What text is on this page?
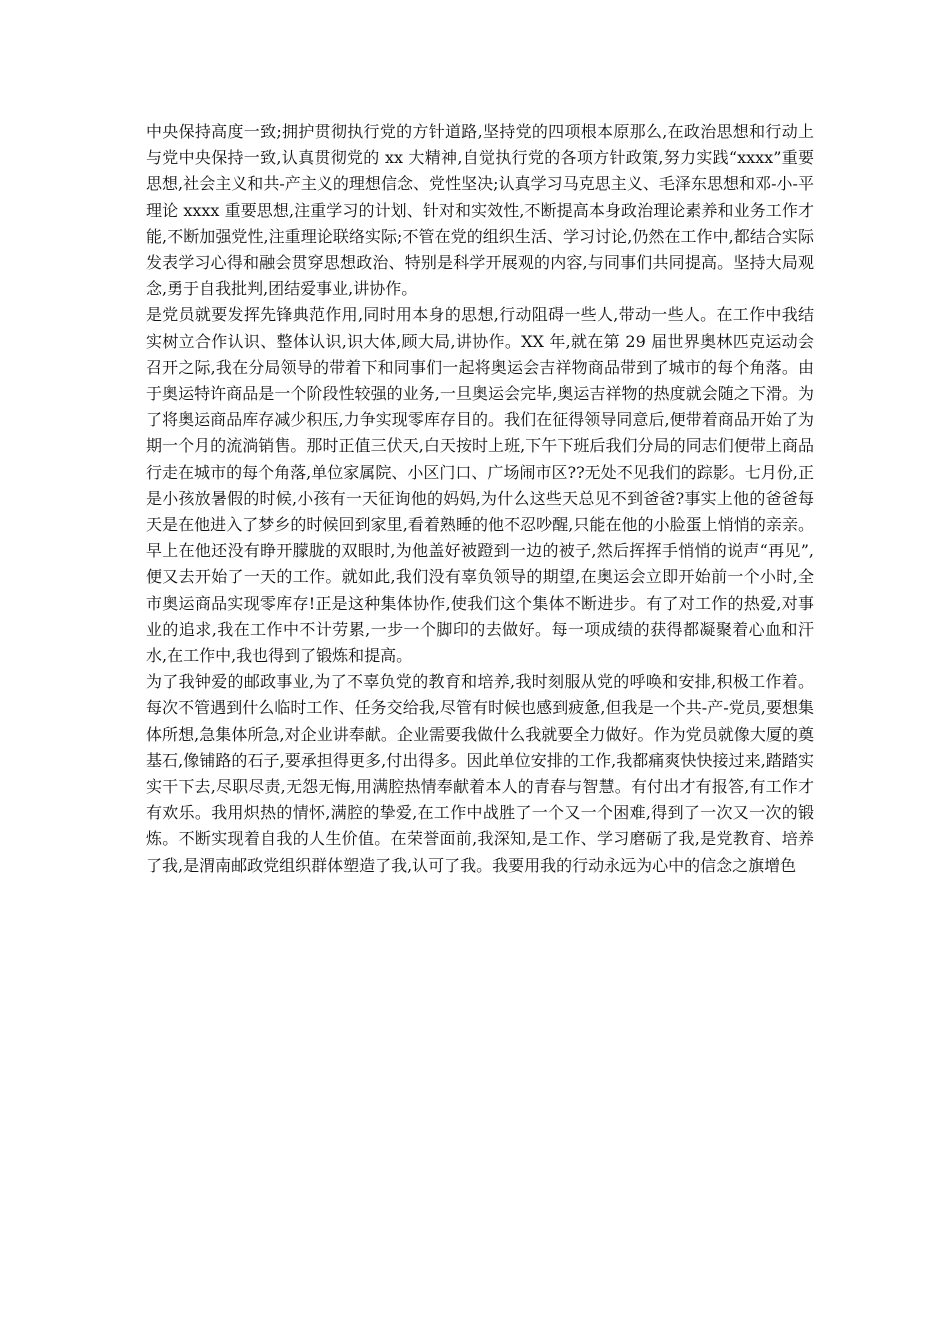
中央保持高度一致;拥护贯彻执行党的方针道路,坚持党的四项根本原那么,在政治思想和行动上与党中央保持一致,认真贯彻党的 xx 大精神,自觉执行党的各项方针政策,努力实践“xxxx”重要思想,社会主义和共-产主义的理想信念、党性坚决;认真学习马克思主义、毛泽东思想和邓-小-平理论 xxxx 重要思想,注重学习的计划、针对和实效性,不断提高本身政治理论素养和业务工作才能,不断加强党性,注重理论联络实际;不管在党的组织生活、学习讨论,仍然在工作中,都结合实际发表学习心得和融会贯穿思想政治、特别是科学开展观的内容,与同事们共同提高。坚持大局观念,勇于自我批判,团结爱事业,讲协作。

是党员就要发挥先锋典范作用,同时用本身的思想,行动阻碍一些人,带动一些人。在工作中我结实树立合作认识、整体认识,识大体,顾大局,讲协作。XX 年,就在第 29 届世界奥林匹克运动会召开之际,我在分局领导的带着下和同事们一起将奥运会吉祥物商品带到了城市的每个角落。由于奥运特许商品是一个阶段性较强的业务,一旦奥运会完毕,奥运吉祥物的热度就会随之下滑。为了将奥运商品库存减少积压,力争实现零库存目的。我们在征得领导同意后,便带着商品开始了为期一个月的流淌销售。那时正值三伏天,白天按时上班,下午下班后我们分局的同志们便带上商品行走在城市的每个角落,单位家属院、小区门口、广场闹市区??无处不见我们的踪影。七月份,正是小孩放暑假的时候,小孩有一天征询他的妈妈,为什么这些天总见不到爸爸?事实上他的爸爸每天是在他进入了梦乡的时候回到家里,看着熟睡的他不忍吵醒,只能在他的小脸蛋上悄悄的亲亲。早上在他还没有睁开朦胧的双眼时,为他盖好被蹬到一边的被子,然后挥挥手悄悄的说声“再见”,便又去开始了一天的工作。就如此,我们没有辜负领导的期望,在奥运会立即开始前一个小时,全市奥运商品实现零库存!正是这种集体协作,使我们这个集体不断进步。有了对工作的热爱,对事业的追求,我在工作中不计劳累,一步一个脚印的去做好。每一项成绩的获得都凝聚着心血和汗水,在工作中,我也得到了锻炼和提高。

为了我钟爱的邮政事业,为了不辜负党的教育和培养,我时刻服从党的呼唤和安排,积极工作着。每次不管遇到什么临时工作、任务交给我,尽管有时候也感到疲惫,但我是一个共-产-党员,要想集体所想,急集体所急,对企业讲奉献。企业需要我做什么我就要全力做好。作为党员就像大厦的奠基石,像铺路的石子,要承担得更多,付出得多。因此单位安排的工作,我都痛爽快快接过来,踏踏实实干下去,尽职尽责,无怨无悔,用满腔热情奉献着本人的青春与智慧。有付出才有报答,有工作才有欢乐。我用炽热的情怀,满腔的挚爱,在工作中战胜了一个又一个困难,得到了一次又一次的锻炼。不断实现着自我的人生价值。在荣誉面前,我深知,是工作、学习磨砺了我,是党教育、培养了我,是渭南邮政党组织群体塑造了我,认可了我。我要用我的行动永远为心中的信念之旗增色
